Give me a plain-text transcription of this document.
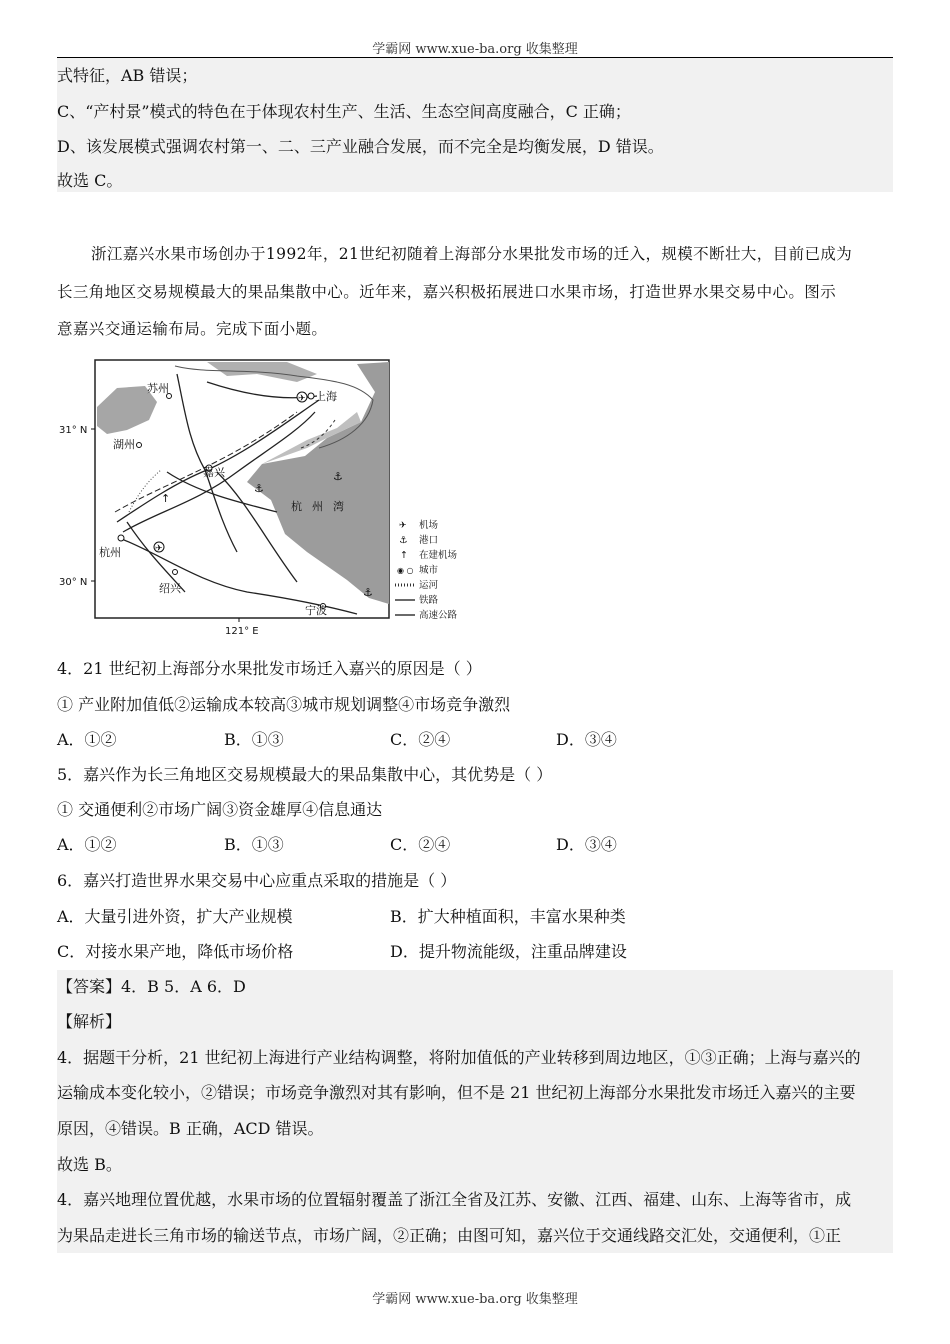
学霸网 www.xue-ba.org 收集整理
式特征，AB 错误；
C、“产村景”模式的特色在于体现农村生产、生活、生态空间高度融合，C 正确；
D、该发展模式强调农村第一、二、三产业融合发展，而不完全是均衡发展，D 错误。
故选 C。
浙江嘉兴水果市场创办于1992年，21世纪初随着上海部分水果批发市场的迁入，规模不断壮大，目前已成为
长三角地区交易规模最大的果品集散中心。近年来，嘉兴积极拓展进口水果市场，打造世界水果交易中心。图示
意嘉兴交通运输布局。完成下面小题。
✈
✈
⚓
⚓
⚓
↑
苏州
上海
湖州
嘉兴
杭州
绍兴
宁波
杭州湾
31° N
30° N
121° E
✈ 机场
⚓ 港口
↑ 在建机场
◉ ○ 城市
运河
铁路
高速公路
4．21 世纪初上海部分水果批发市场迁入嘉兴的原因是（ ）
① 产业附加值低②运输成本较高③城市规划调整④市场竞争激烈
A．①②	B．①③	C．②④	D．③④
5．嘉兴作为长三角地区交易规模最大的果品集散中心，其优势是（ ）
① 交通便利②市场广阔③资金雄厚④信息通达
A．①②	B．①③	C．②④	D．③④
6．嘉兴打造世界水果交易中心应重点采取的措施是（ ）
A．大量引进外资，扩大产业规模	B．扩大种植面积，丰富水果种类
C．对接水果产地，降低市场价格	D．提升物流能级，注重品牌建设
【答案】4．B 5．A 6．D
【解析】
4．据题干分析，21 世纪初上海进行产业结构调整，将附加值低的产业转移到周边地区，①③正确；上海与嘉兴的
运输成本变化较小，②错误；市场竞争激烈对其有影响，但不是 21 世纪初上海部分水果批发市场迁入嘉兴的主要
原因，④错误。B 正确，ACD 错误。
故选 B。
4．嘉兴地理位置优越，水果市场的位置辐射覆盖了浙江全省及江苏、安徽、江西、福建、山东、上海等省市，成
为果品走进长三角市场的输送节点，市场广阔，②正确；由图可知，嘉兴位于交通线路交汇处，交通便利，①正
学霸网 www.xue-ba.org 收集整理
